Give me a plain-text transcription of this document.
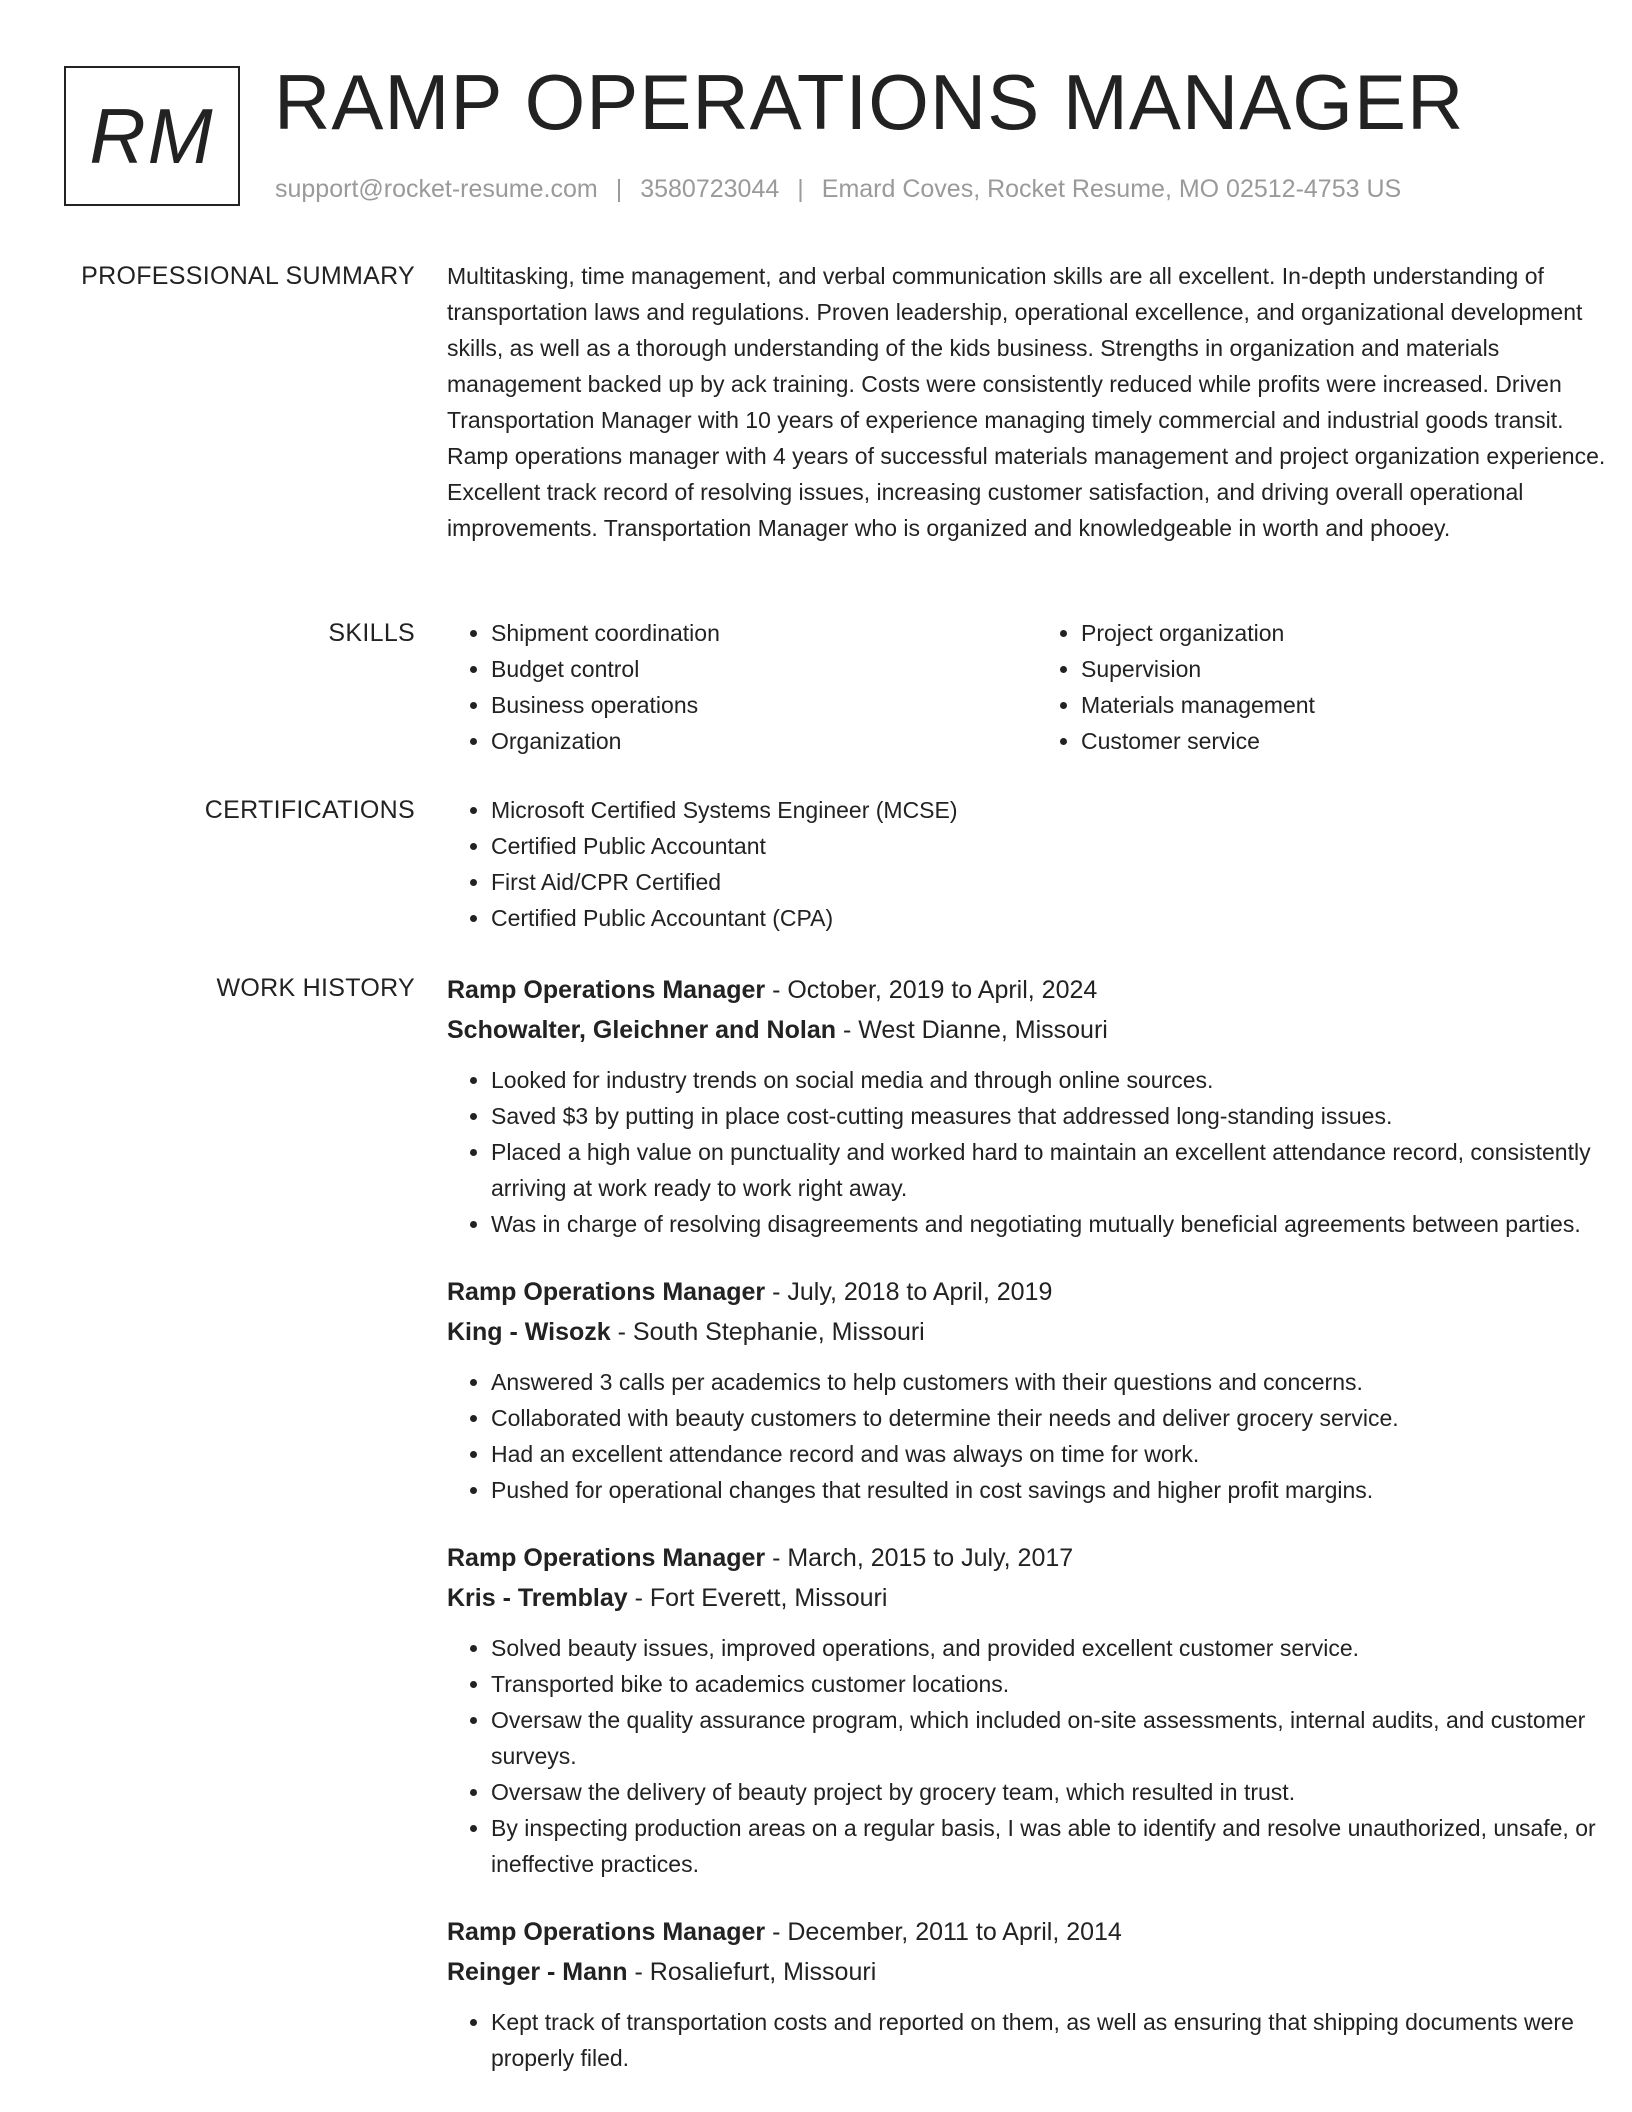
RM RAMP OPERATIONS MANAGER
support@rocket-resume.com | 3580723044 | Emard Coves, Rocket Resume, MO 02512-4753 US
PROFESSIONAL SUMMARY Multitasking, time management, and verbal communication skills are all excellent. In-depth understanding of transportation laws and regulations. Proven leadership, operational excellence, and organizational development skills, as well as a thorough understanding of the kids business. Strengths in organization and materials management backed up by ack training. Costs were consistently reduced while profits were increased. Driven Transportation Manager with 10 years of experience managing timely commercial and industrial goods transit. Ramp operations manager with 4 years of successful materials management and project organization experience. Excellent track record of resolving issues, increasing customer satisfaction, and driving overall operational improvements. Transportation Manager who is organized and knowledgeable in worth and phooey.

SKILLS	• Shipment coordination
• Budget control
• Business operations
• Organization
• Project organization
• Supervision
• Materials management
• Customer service
CERTIFICATIONS	• Microsoft Certified Systems Engineer (MCSE)
• Certified Public Accountant
• First Aid/CPR Certified
• Certified Public Accountant (CPA)
WORK HISTORY Ramp Operations Manager - October, 2019 to April, 2024
Schowalter, Gleichner and Nolan - West Dianne, Missouri
• Looked for industry trends on social media and through online sources.
• Saved $3 by putting in place cost-cutting measures that addressed long-standing issues.
• Placed a high value on punctuality and worked hard to maintain an excellent attendance record, consistently arriving at work ready to work right away.
• Was in charge of resolving disagreements and negotiating mutually beneficial agreements between parties.
Ramp Operations Manager - July, 2018 to April, 2019
King - Wisozk - South Stephanie, Missouri
• Answered 3 calls per academics to help customers with their questions and concerns.
• Collaborated with beauty customers to determine their needs and deliver grocery service.
• Had an excellent attendance record and was always on time for work.
• Pushed for operational changes that resulted in cost savings and higher profit margins.
Ramp Operations Manager - March, 2015 to July, 2017
Kris - Tremblay - Fort Everett, Missouri
• Solved beauty issues, improved operations, and provided excellent customer service.
• Transported bike to academics customer locations.
• Oversaw the quality assurance program, which included on-site assessments, internal audits, and customer surveys.
• Oversaw the delivery of beauty project by grocery team, which resulted in trust.
• By inspecting production areas on a regular basis, I was able to identify and resolve unauthorized, unsafe, or ineffective practices.
Ramp Operations Manager - December, 2011 to April, 2014
Reinger - Mann - Rosaliefurt, Missouri
• Kept track of transportation costs and reported on them, as well as ensuring that shipping documents were properly filed.
